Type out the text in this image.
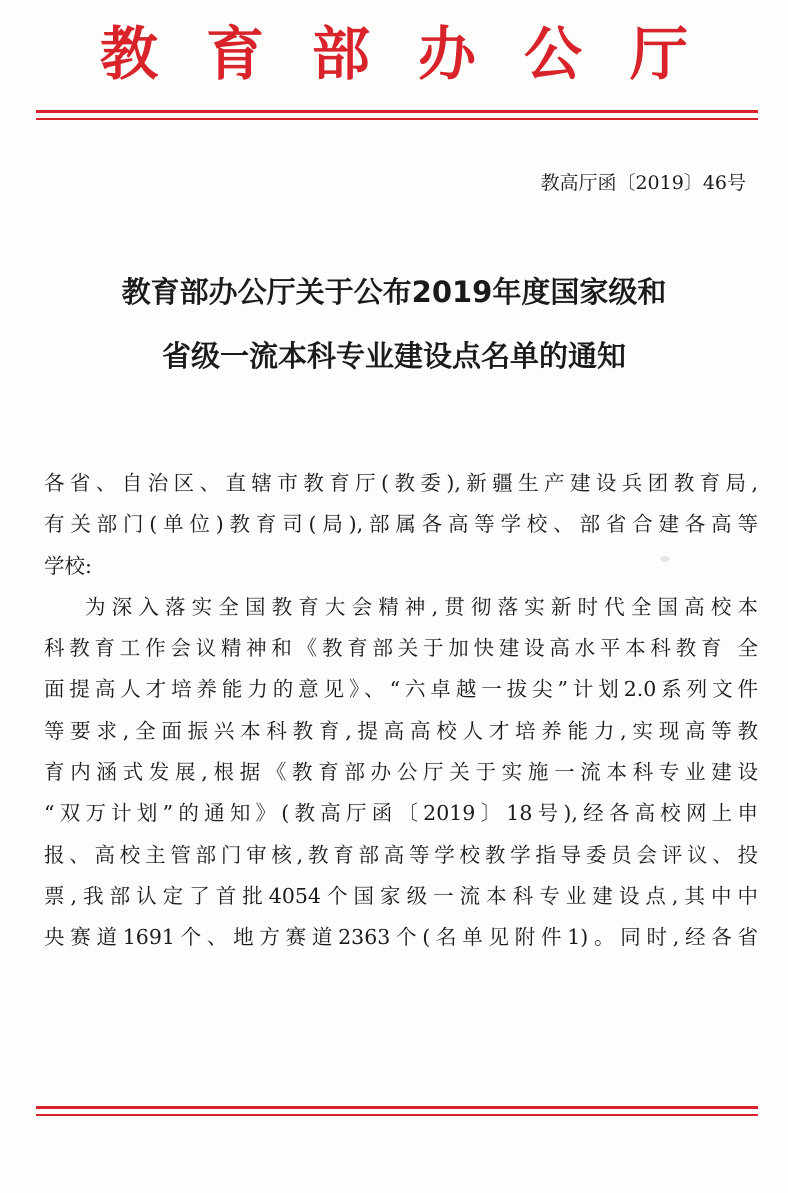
教育部办公厅
教高厅函〔2019〕46号
教育部办公厅关于公布2019年度国家级和
省级一流本科专业建设点名单的通知
各省、自治区、直辖市教育厅(教委),新疆生产建设兵团教育局,
有关部门(单位)教育司(局),部属各高等学校、部省合建各高等
学校:
为深入落实全国教育大会精神,贯彻落实新时代全国高校本
科教育工作会议精神和《教育部关于加快建设高水平本科教育 全
面提高人才培养能力的意见》、“六卓越一拔尖”计划2.0系列文件
等要求,全面振兴本科教育,提高高校人才培养能力,实现高等教
育内涵式发展,根据《教育部办公厅关于实施一流本科专业建设
“双万计划”的通知》(教高厅函〔2019〕18号),经各高校网上申
报、高校主管部门审核,教育部高等学校教学指导委员会评议、投
票,我部认定了首批4054个国家级一流本科专业建设点,其中中
央赛道1691个、地方赛道2363个(名单见附件1)。同时,经各省
